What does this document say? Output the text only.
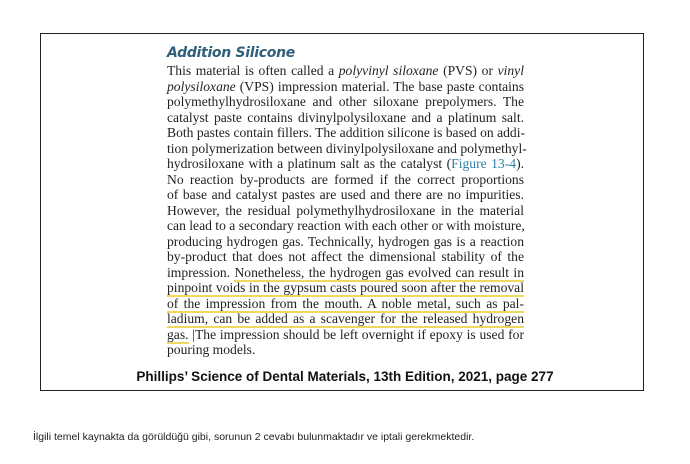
Addition Silicone
This material is often called a polyvinyl siloxane (PVS) or vinyl
polysiloxane (VPS) impression material. The base paste contains
polymethylhydrosiloxane and other siloxane prepolymers. The
catalyst paste contains divinylpolysiloxane and a platinum salt.
Both pastes contain fillers. The addition silicone is based on addi-
tion polymerization between divinylpolysiloxane and polymethyl-
hydrosiloxane with a platinum salt as the catalyst (Figure 13-4).
No reaction by-products are formed if the correct proportions
of base and catalyst pastes are used and there are no impurities.
However, the residual polymethylhydrosiloxane in the material
can lead to a secondary reaction with each other or with moisture,
producing hydrogen gas. Technically, hydrogen gas is a reaction
by-product that does not affect the dimensional stability of the
impression. Nonetheless, the hydrogen gas evolved can result in
pinpoint voids in the gypsum casts poured soon after the removal
of the impression from the mouth. A noble metal, such as pal-
ladium, can be added as a scavenger for the released hydrogen
gas. |The impression should be left overnight if epoxy is used for
pouring models.
Phillips’ Science of Dental Materials, 13th Edition, 2021, page 277
İlgili temel kaynakta da görüldüğü gibi, sorunun 2 cevabı bulunmaktadır ve iptali gerekmektedir.
